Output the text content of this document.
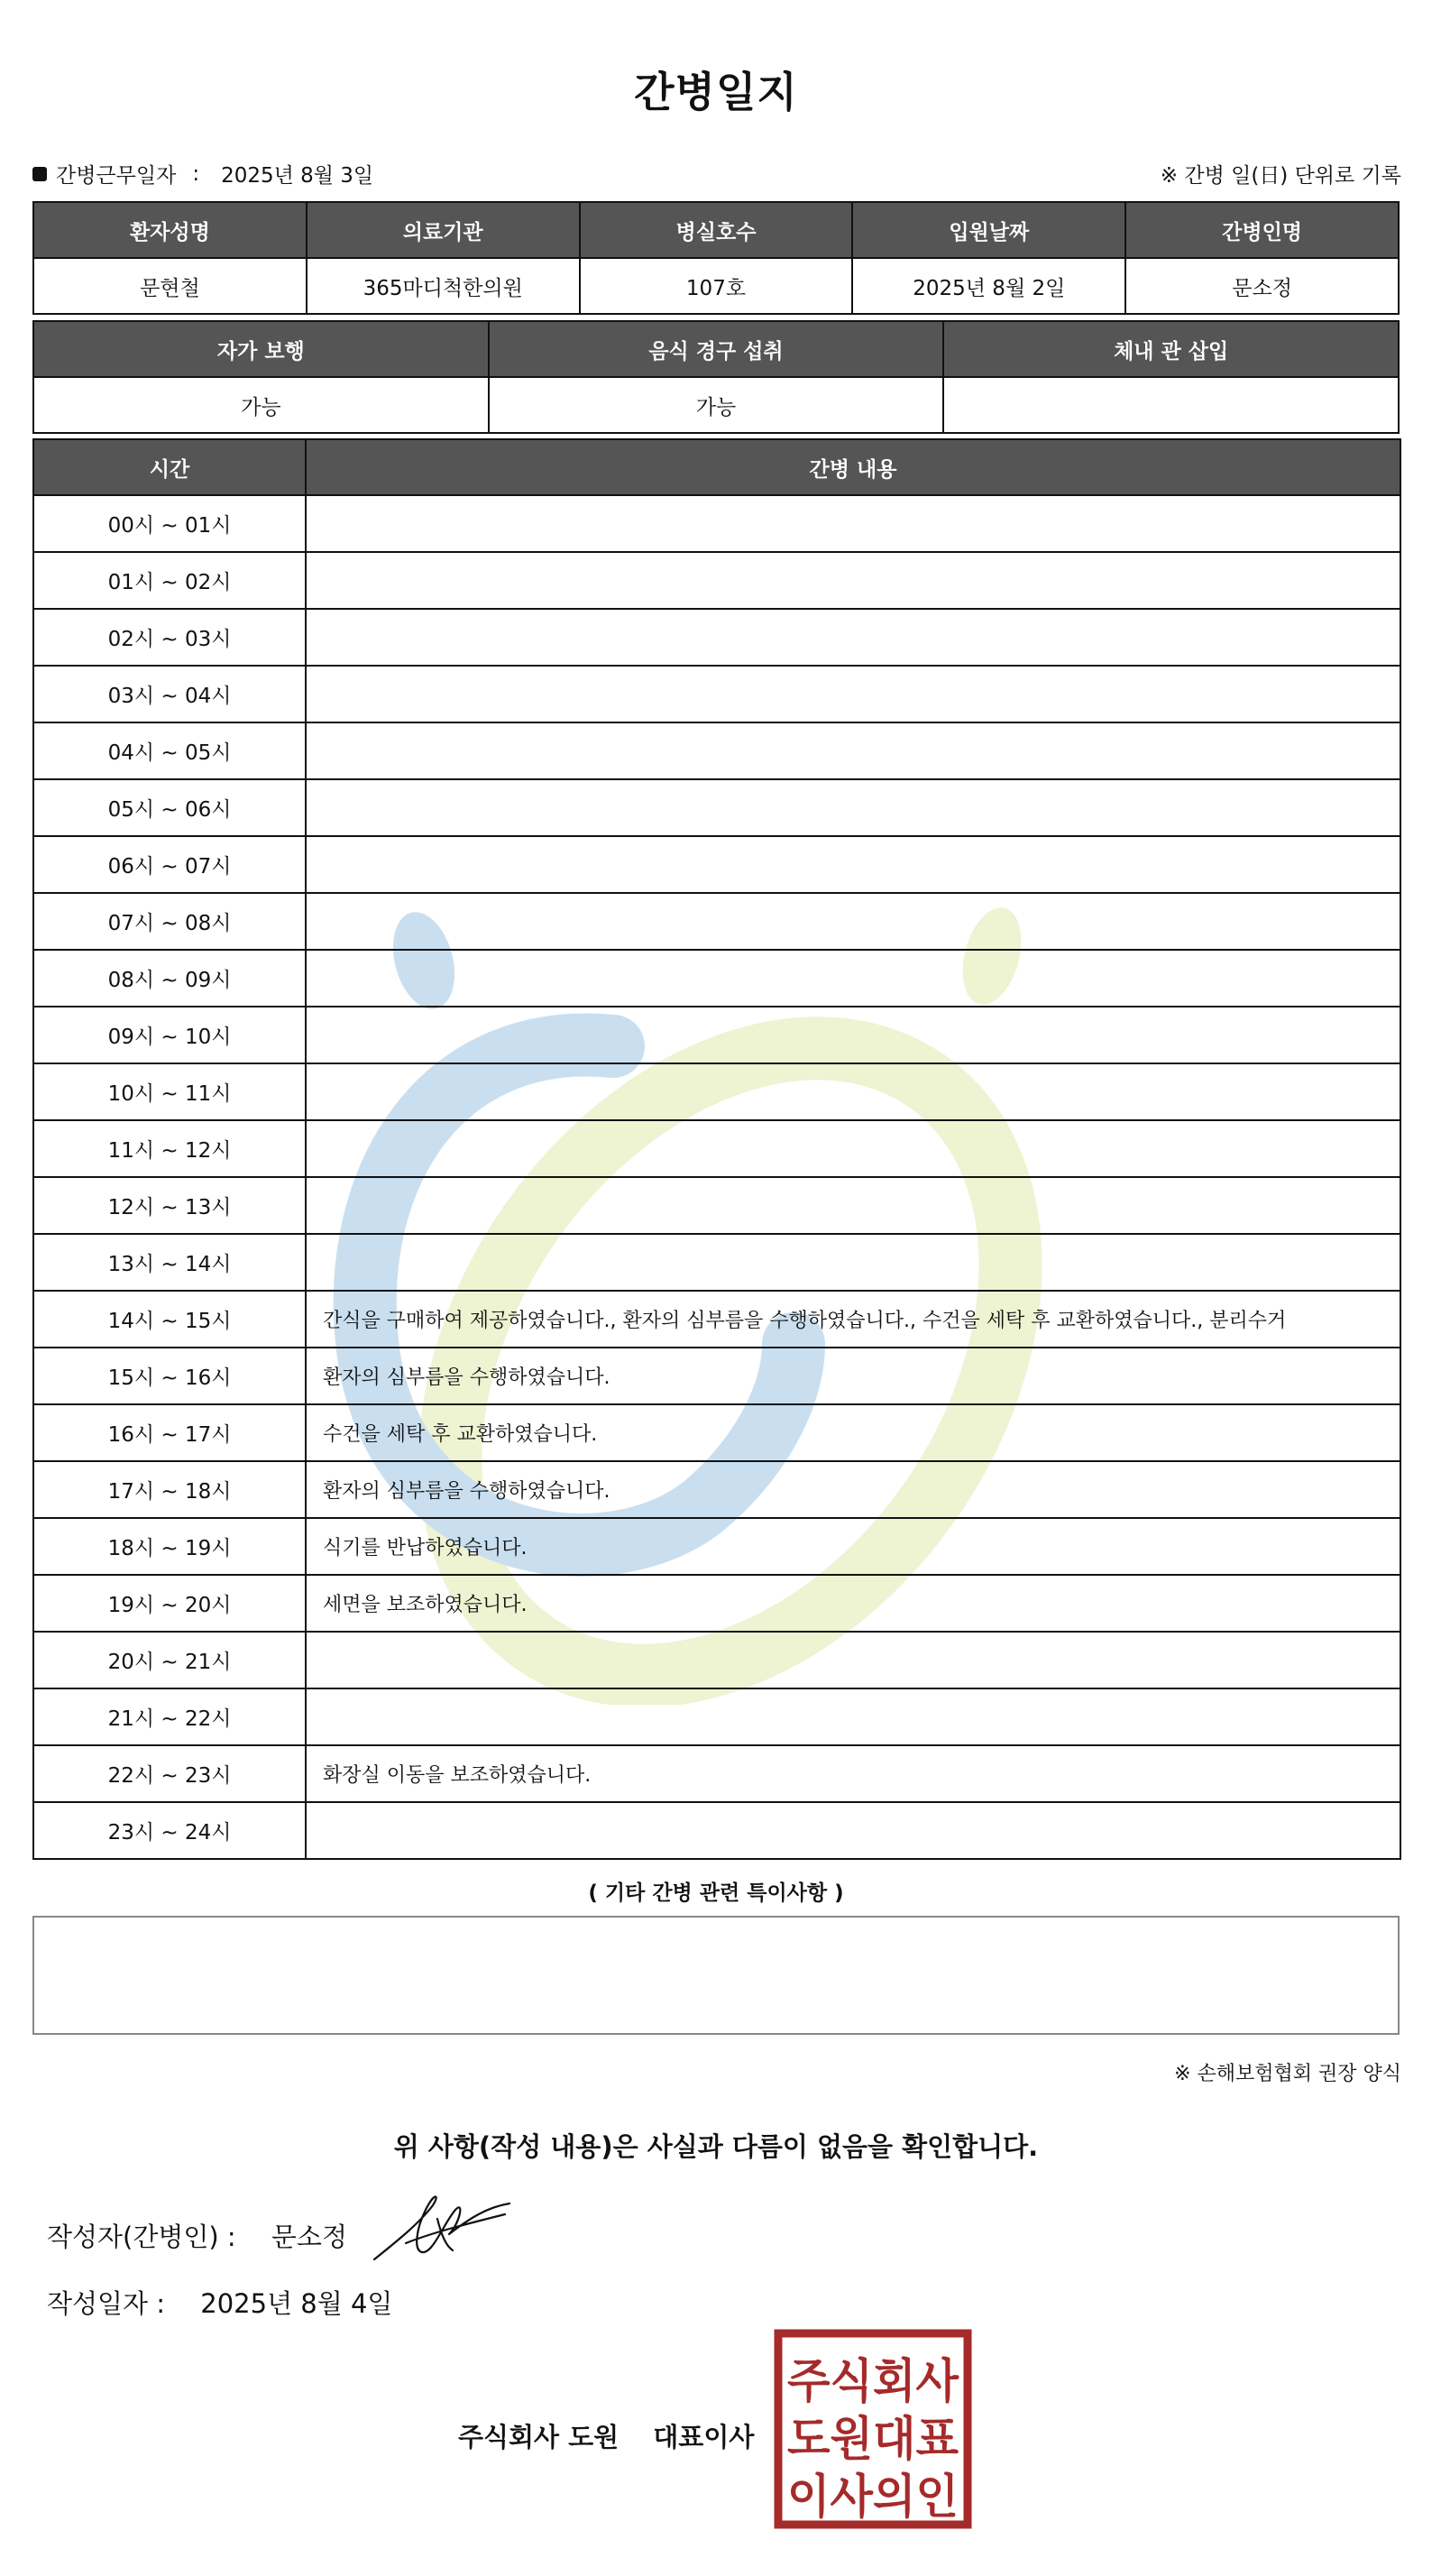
간병일지
간병근무일자 : 2025년 8월 3일	※ 간병 일(日) 단위로 기록
환자성명	의료기관	병실호수	입원날짜	간병인명
문현철	365마디척한의원	107호	2025년 8월 2일	문소정
자가 보행	음식 경구 섭취	체내 관 삽입
가능	가능	
시간	간병 내용
00시 ~ 01시	
01시 ~ 02시	
02시 ~ 03시	
03시 ~ 04시	
04시 ~ 05시	
05시 ~ 06시	
06시 ~ 07시	
07시 ~ 08시	
08시 ~ 09시	
09시 ~ 10시	
10시 ~ 11시	
11시 ~ 12시	
12시 ~ 13시	
13시 ~ 14시	
14시 ~ 15시	간식을 구매하여 제공하였습니다., 환자의 심부름을 수행하였습니다., 수건을 세탁 후 교환하였습니다., 분리수거
15시 ~ 16시	환자의 심부름을 수행하였습니다.
16시 ~ 17시	수건을 세탁 후 교환하였습니다.
17시 ~ 18시	환자의 심부름을 수행하였습니다.
18시 ~ 19시	식기를 반납하였습니다.
19시 ~ 20시	세면을 보조하였습니다.
20시 ~ 21시	
21시 ~ 22시	
22시 ~ 23시	화장실 이동을 보조하였습니다.
23시 ~ 24시	
( 기타 간병 관련 특이사항 )
※ 손해보험협회 권장 양식
위 사항(작성 내용)은 사실과 다름이 없음을 확인합니다.
작성자(간병인) : 문소정
작성일자 : 2025년 8월 4일
주식회사 도원 대표이사
주식회사
도원대표
이사의인
